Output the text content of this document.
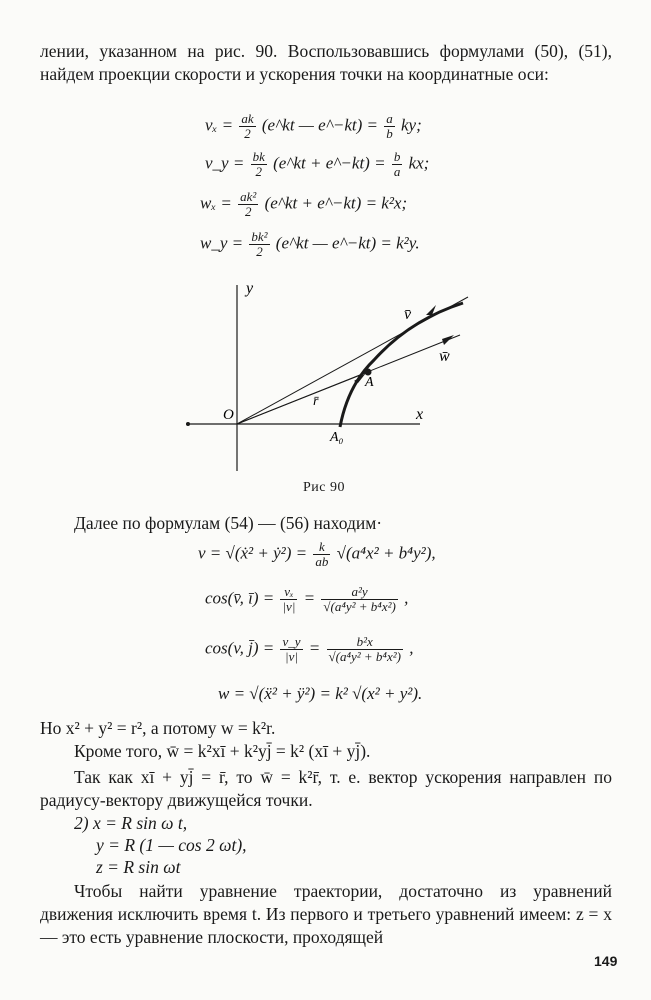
лении, указанном на рис. 90. Воспользовавшись формулами (50), (51), найдем проекции скорости и ускорения точки на координатные оси:
$v_x = \frac{ak}{2}$ (e^kt — e^−kt) = $\frac{a}{b}$ ky;
v_y = $\frac{bk}{2}$ (e^kt + e^−kt) = $\frac{b}{a}$ kx;
$w_x = \frac{\text{ak²}}{2}$ (e^kt + e^−kt) = k²x;
w_y = $\frac{\text{bk²}}{2}$ (e^kt — e^−kt) = k²y.
y
x
O
A
A₀
v̄
w̄
r̄
Рис 90
Далее по формулам (54) — (56) находим·
v = √(ẋ² + ẏ²) = $\frac{k}{ab} √(a^4x^2 + b^4y^2)$,
cos(v̄, ī) = $\frac{\text{vₓ}}{|v|} = \frac{\text{a²y}}{\text{√(a⁴y² + b⁴x²)}}$ ,
cos(v, j̄) = $\frac{v\_y}{|v|} = \frac{\text{b²x}}{\text{√(a⁴y² + b⁴x²)}}$ ,
w = √(ẍ² + ÿ²) = k² √(x² + y²).
Но x² + y² = r², а потому w = k²r.
Кроме того, w̄ = k²xī + k²yj̄ = k² (xī + yj̄).
Так как xī + yj̄ = r̄, то w̄ = k²r̄, т. е. вектор ускорения направлен по радиусу-вектору движущейся точки.
2) x = R sin ω t,
y = R (1 — cos 2 ωt),
z = R sin ωt
Чтобы найти уравнение траектории, достаточно из уравнений движения исключить время t. Из первого и третьего уравнений имеем: z = x — это есть уравнение плоскости, проходящей
149
